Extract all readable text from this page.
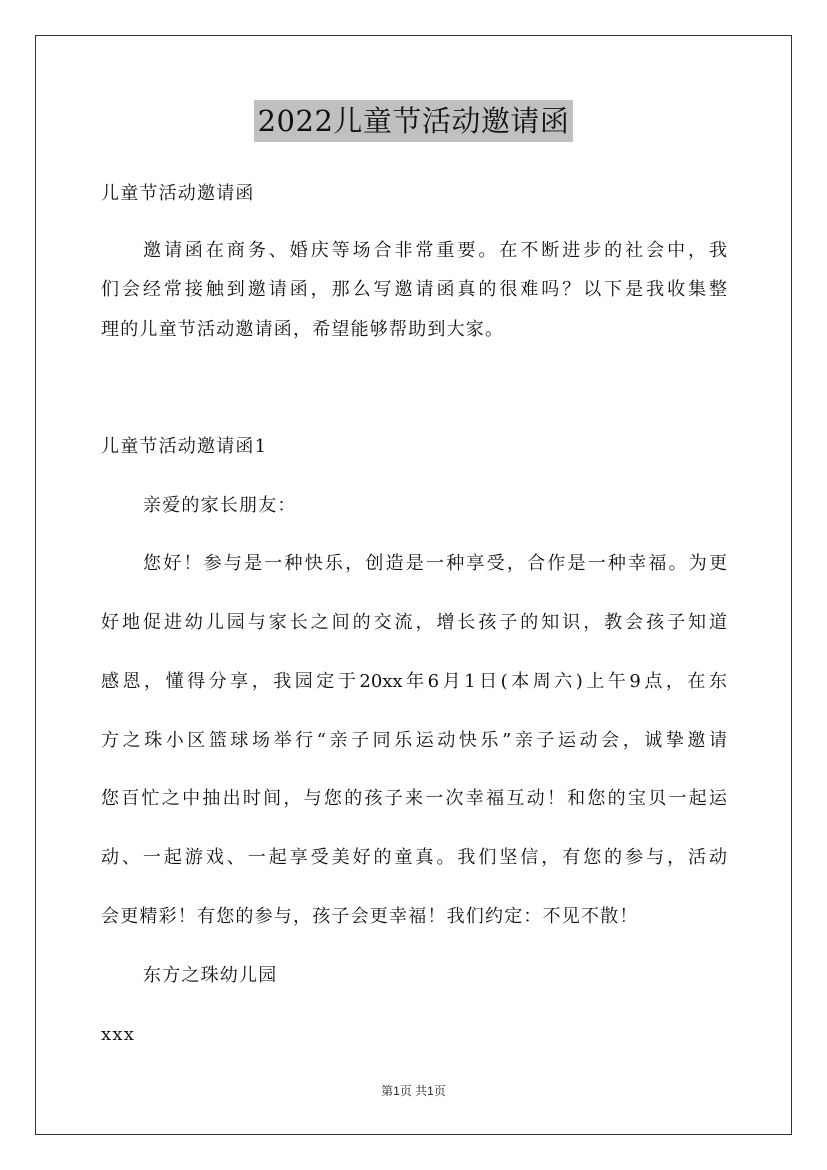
2022儿童节活动邀请函
儿童节活动邀请函
邀请函在商务、婚庆等场合非常重要。在不断进步的社会中，我
们会经常接触到邀请函，那么写邀请函真的很难吗？以下是我收集整
理的儿童节活动邀请函，希望能够帮助到大家。
儿童节活动邀请函1
亲爱的家长朋友：
您好！参与是一种快乐，创造是一种享受，合作是一种幸福。为更
好地促进幼儿园与家长之间的交流，增长孩子的知识，教会孩子知道
感恩，懂得分享，我园定于20xx年6月1日(本周六)上午9点，在东
方之珠小区篮球场举行“亲子同乐运动快乐”亲子运动会，诚挚邀请
您百忙之中抽出时间，与您的孩子来一次幸福互动！和您的宝贝一起运
动、一起游戏、一起享受美好的童真。我们坚信，有您的参与，活动
会更精彩！有您的参与，孩子会更幸福！我们约定：不见不散！
东方之珠幼儿园
xxx
第1页 共1页
